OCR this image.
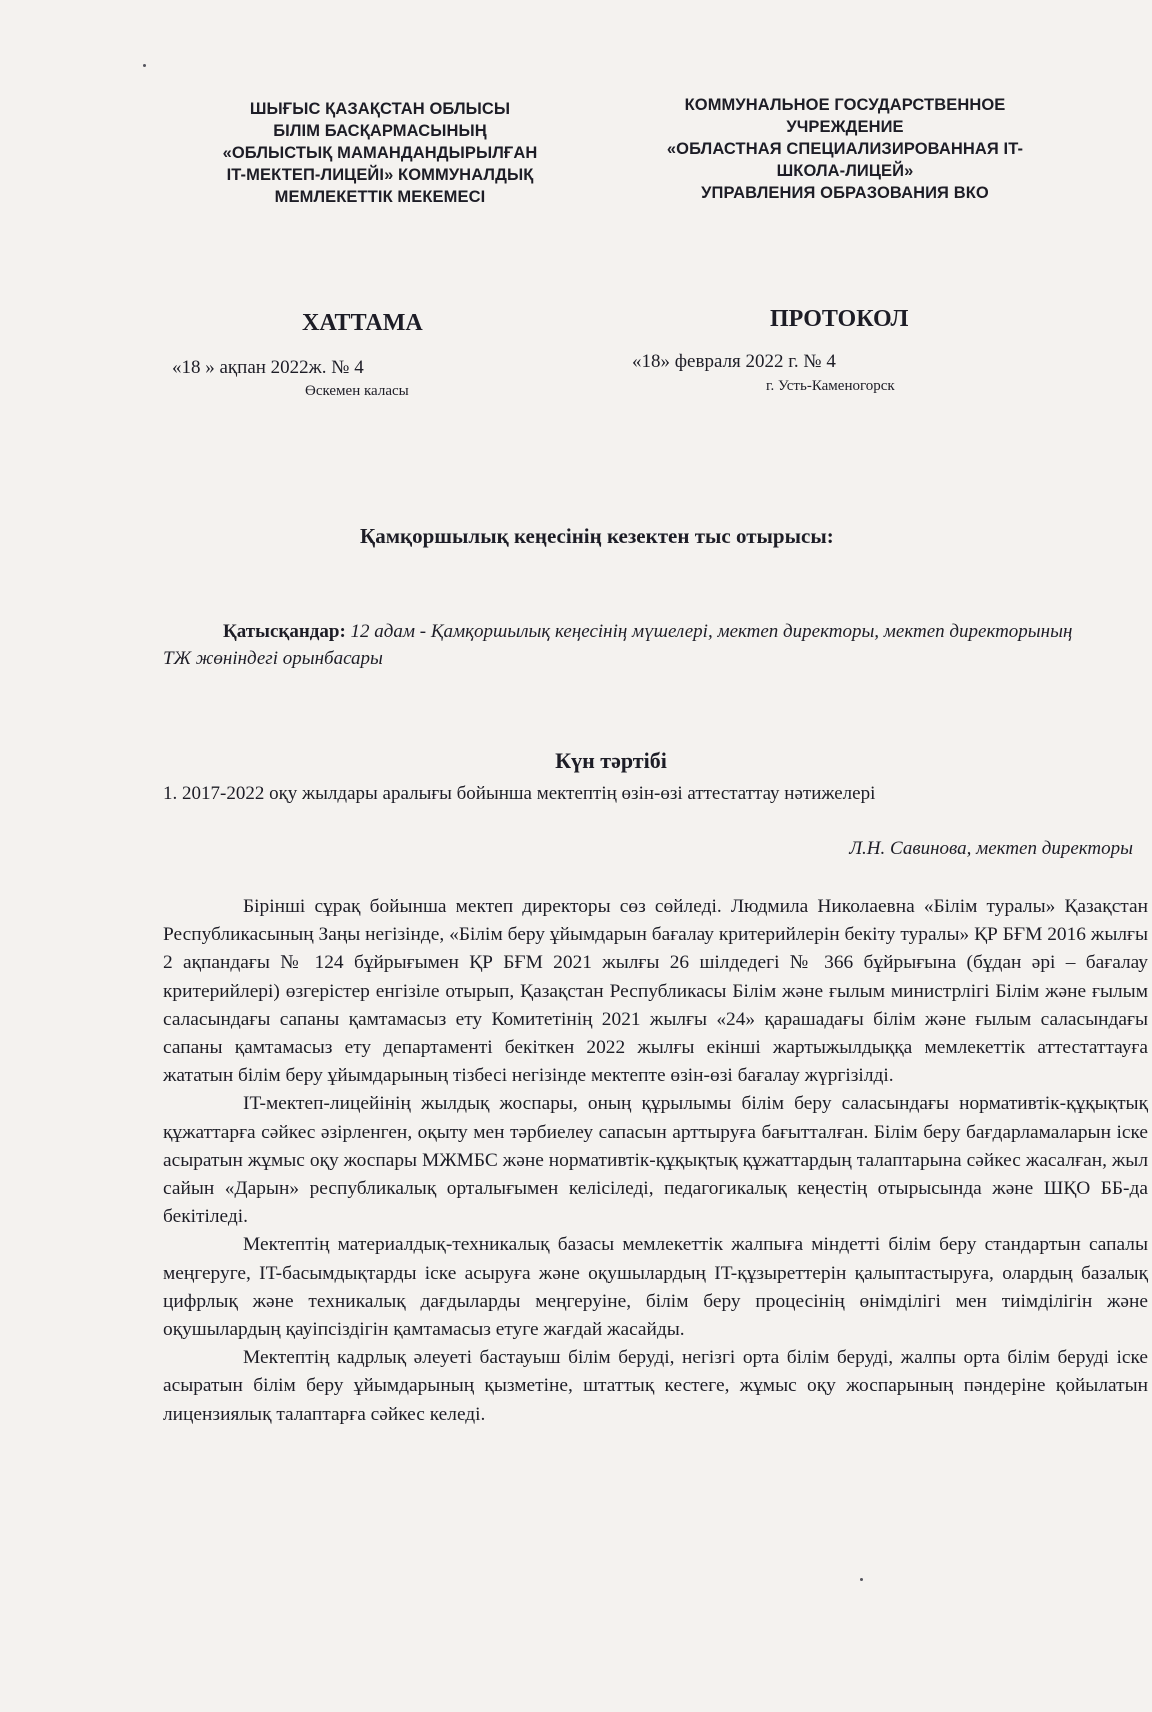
ШЫҒЫС ҚАЗАҚСТАН ОБЛЫСЫ
БІЛІМ БАСҚАРМАСЫНЫҢ
«ОБЛЫСТЫҚ МАМАНДАНДЫРЫЛҒАН
IT-МЕКТЕП-ЛИЦЕЙІ» КОММУНАЛДЫҚ
МЕМЛЕКЕТТІК МЕКЕМЕСІ
КОММУНАЛЬНОЕ ГОСУДАРСТВЕННОЕ
УЧРЕЖДЕНИЕ
«ОБЛАСТНАЯ СПЕЦИАЛИЗИРОВАННАЯ IT-
ШКОЛА-ЛИЦЕЙ»
УПРАВЛЕНИЯ ОБРАЗОВАНИЯ ВКО
ХАТТАМА	ПРОТОКОЛ
«18 » ақпан 2022ж. № 4	«18» февраля 2022 г. № 4
Өскемен каласы	г. Усть-Каменогорск
Қамқоршылық кеңесінің кезектен тыс отырысы:
Қатысқандар: 12 адам - Қамқоршылық кеңесінің мүшелері, мектеп директоры, мектеп директорының ТЖ жөніндегі орынбасары
Күн тәртібі
1. 2017-2022 оқу жылдары аралығы бойынша мектептің өзін-өзі аттестаттау нәтижелері
Л.Н. Савинова, мектеп директоры

Бірінші сұрақ бойынша мектеп директоры сөз сөйледі. Людмила Николаевна «Білім туралы» Қазақстан Республикасының Заңы негізінде, «Білім беру ұйымдарын бағалау критерийлерін бекіту туралы» ҚР БҒМ 2016 жылғы 2 ақпандағы № 124 бұйрығымен ҚР БҒМ 2021 жылғы 26 шілдедегі № 366 бұйрығына (бұдан әрі – бағалау критерийлері) өзгерістер енгізіле отырып, Қазақстан Республикасы Білім және ғылым министрлігі Білім және ғылым саласындағы сапаны қамтамасыз ету Комитетінің 2021 жылғы «24» қарашадағы білім және ғылым саласындағы сапаны қамтамасыз ету департаменті бекіткен 2022 жылғы екінші жартыжылдыққа мемлекеттік аттестаттауға жататын білім беру ұйымдарының тізбесі негізінде мектепте өзін-өзі бағалау жүргізілді.

IT-мектеп-лицейінің жылдық жоспары, оның құрылымы білім беру саласындағы нормативтік-құқықтық құжаттарға сәйкес әзірленген, оқыту мен тәрбиелеу сапасын арттыруға бағытталған. Білім беру бағдарламаларын іске асыратын жұмыс оқу жоспары МЖМБС және нормативтік-құқықтық құжаттардың талаптарына сәйкес жасалған, жыл сайын «Дарын» республикалық орталығымен келісіледі, педагогикалық кеңестің отырысында және ШҚО ББ-да бекітіледі.

Мектептің материалдық-техникалық базасы мемлекеттік жалпыға міндетті білім беру стандартын сапалы меңгеруге, IT-басымдықтарды іске асыруға және оқушылардың IT-құзыреттерін қалыптастыруға, олардың базалық цифрлық және техникалық дағдыларды меңгеруіне, білім беру процесінің өнімділігі мен тиімділігін және оқушылардың қауіпсіздігін қамтамасыз етуге жағдай жасайды.

Мектептің кадрлық әлеуеті бастауыш білім беруді, негізгі орта білім беруді, жалпы орта білім беруді іске асыратын білім беру ұйымдарының қызметіне, штаттық кестеге, жұмыс оқу жоспарының пәндеріне қойылатын лицензиялық талаптарға сәйкес келеді.
